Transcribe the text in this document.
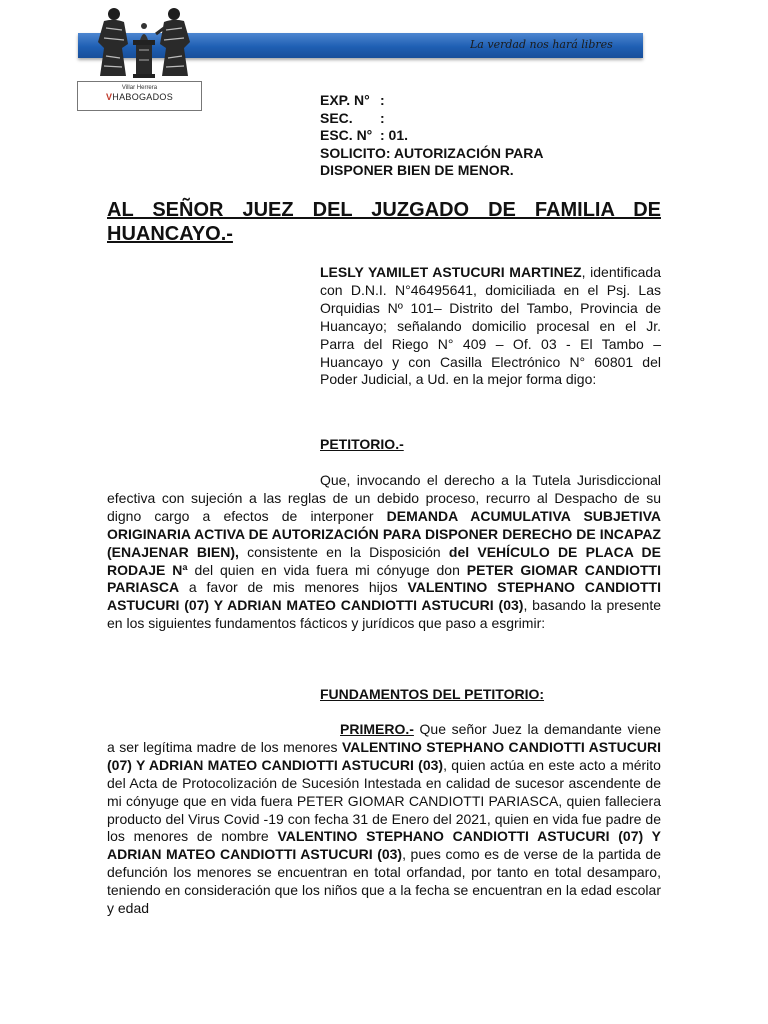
La verdad nos hará libres
Villar Herrera
VHABOGADOS	EXP. N° :
SEC. :
ESC. N° : 01.
SOLICITO: AUTORIZACIÓN PARA
DISPONER BIEN DE MENOR.
AL SEÑOR JUEZ DEL JUZGADO DE FAMILIA DE
HUANCAYO.-
LESLY YAMILET ASTUCURI MARTINEZ, identificada con D.N.I. N°46495641, domiciliada en el Psj. Las Orquidias Nº 101– Distrito del Tambo, Provincia de Huancayo; señalando domicilio procesal en el Jr. Parra del Riego N° 409 – Of. 03 - El Tambo – Huancayo y con Casilla Electrónico N° 60801 del Poder Judicial, a Ud. en la mejor forma digo:
PETITORIO.-
Que, invocando el derecho a la Tutela Jurisdiccional efectiva con sujeción a las reglas de un debido proceso, recurro al Despacho de su digno cargo a efectos de interponer DEMANDA ACUMULATIVA SUBJETIVA ORIGINARIA ACTIVA DE AUTORIZACIÓN PARA DISPONER DERECHO DE INCAPAZ (ENAJENAR BIEN), consistente en la Disposición del VEHÍCULO DE PLACA DE RODAJE Nª del quien en vida fuera mi cónyuge don PETER GIOMAR CANDIOTTI PARIASCA a favor de mis menores hijos VALENTINO STEPHANO CANDIOTTI ASTUCURI (07) Y ADRIAN MATEO CANDIOTTI ASTUCURI (03), basando la presente en los siguientes fundamentos fácticos y jurídicos que paso a esgrimir:
FUNDAMENTOS DEL PETITORIO:
PRIMERO.- Que señor Juez la demandante viene a ser legítima madre de los menores VALENTINO STEPHANO CANDIOTTI ASTUCURI (07) Y ADRIAN MATEO CANDIOTTI ASTUCURI (03), quien actúa en este acto a mérito del Acta de Protocolización de Sucesión Intestada en calidad de sucesor ascendente de mi cónyuge que en vida fuera PETER GIOMAR CANDIOTTI PARIASCA, quien falleciera producto del Virus Covid -19 con fecha 31 de Enero del 2021, quien en vida fue padre de los menores de nombre VALENTINO STEPHANO CANDIOTTI ASTUCURI (07) Y ADRIAN MATEO CANDIOTTI ASTUCURI (03), pues como es de verse de la partida de defunción los menores se encuentran en total orfandad, por tanto en total desamparo, teniendo en consideración que los niños que a la fecha se encuentran en la edad escolar y edad
